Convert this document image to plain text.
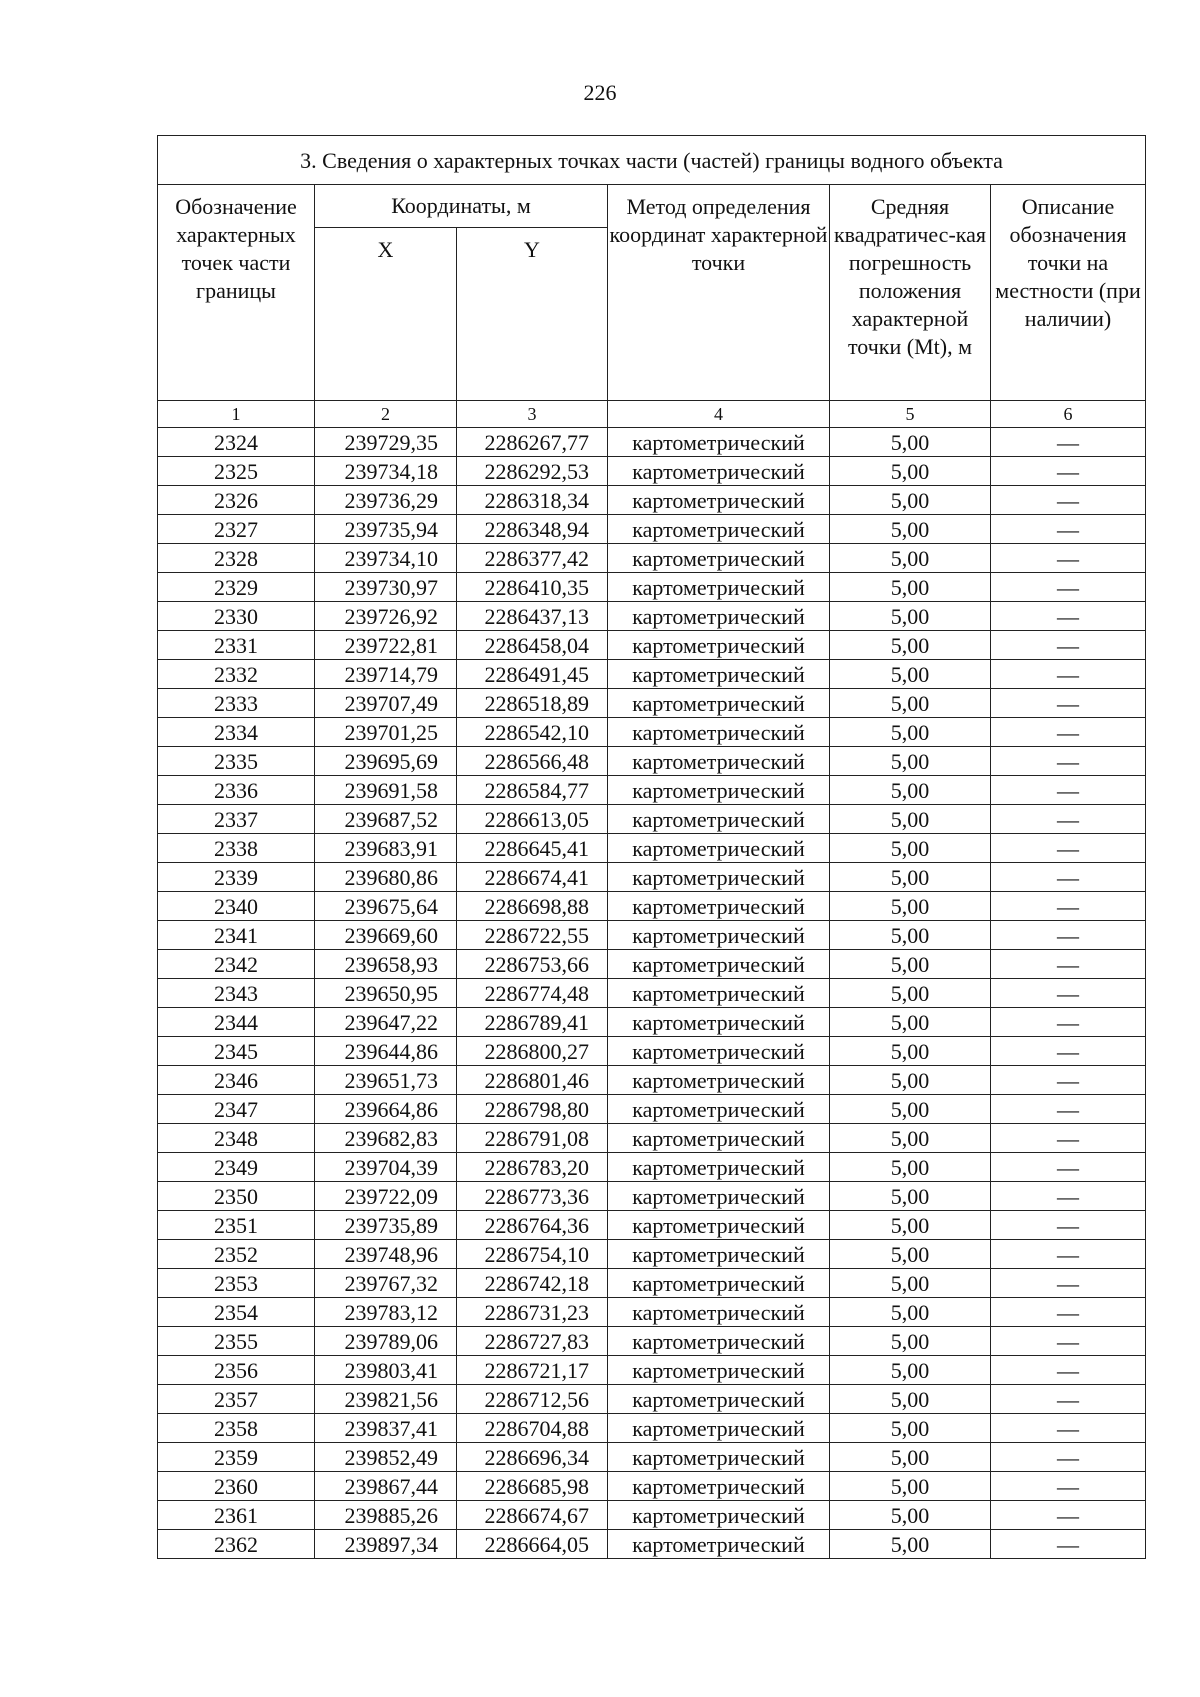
226
3. Сведения о характерных точках части (частей) границы водного объекта					
Обозначение характерных точек части границы	Координаты, м		Метод определения координат характерной точки	Средняя квадратичес-кая погрешность положения характерной точки (Mt), м	Описание обозначения точки на местности (при наличии)
	X	Y			
1	2	3	4	5	6
2324	239729,35	2286267,77	картометрический	5,00	—
2325	239734,18	2286292,53	картометрический	5,00	—
2326	239736,29	2286318,34	картометрический	5,00	—
2327	239735,94	2286348,94	картометрический	5,00	—
2328	239734,10	2286377,42	картометрический	5,00	—
2329	239730,97	2286410,35	картометрический	5,00	—
2330	239726,92	2286437,13	картометрический	5,00	—
2331	239722,81	2286458,04	картометрический	5,00	—
2332	239714,79	2286491,45	картометрический	5,00	—
2333	239707,49	2286518,89	картометрический	5,00	—
2334	239701,25	2286542,10	картометрический	5,00	—
2335	239695,69	2286566,48	картометрический	5,00	—
2336	239691,58	2286584,77	картометрический	5,00	—
2337	239687,52	2286613,05	картометрический	5,00	—
2338	239683,91	2286645,41	картометрический	5,00	—
2339	239680,86	2286674,41	картометрический	5,00	—
2340	239675,64	2286698,88	картометрический	5,00	—
2341	239669,60	2286722,55	картометрический	5,00	—
2342	239658,93	2286753,66	картометрический	5,00	—
2343	239650,95	2286774,48	картометрический	5,00	—
2344	239647,22	2286789,41	картометрический	5,00	—
2345	239644,86	2286800,27	картометрический	5,00	—
2346	239651,73	2286801,46	картометрический	5,00	—
2347	239664,86	2286798,80	картометрический	5,00	—
2348	239682,83	2286791,08	картометрический	5,00	—
2349	239704,39	2286783,20	картометрический	5,00	—
2350	239722,09	2286773,36	картометрический	5,00	—
2351	239735,89	2286764,36	картометрический	5,00	—
2352	239748,96	2286754,10	картометрический	5,00	—
2353	239767,32	2286742,18	картометрический	5,00	—
2354	239783,12	2286731,23	картометрический	5,00	—
2355	239789,06	2286727,83	картометрический	5,00	—
2356	239803,41	2286721,17	картометрический	5,00	—
2357	239821,56	2286712,56	картометрический	5,00	—
2358	239837,41	2286704,88	картометрический	5,00	—
2359	239852,49	2286696,34	картометрический	5,00	—
2360	239867,44	2286685,98	картометрический	5,00	—
2361	239885,26	2286674,67	картометрический	5,00	—
2362	239897,34	2286664,05	картометрический	5,00	—
